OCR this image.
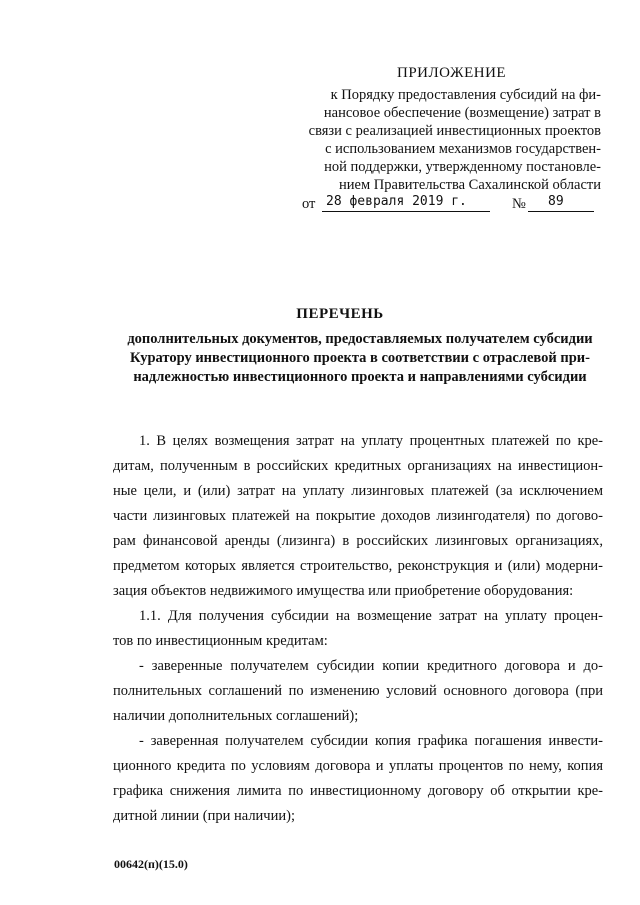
ПРИЛОЖЕНИЕ
к Порядку предоставления субсидий на фи-
нансовое обеспечение (возмещение) затрат в
связи с реализацией инвестиционных проектов
с использованием механизмов государствен-
ной поддержки, утвержденному постановле-
нием Правительства Сахалинской области
от 28 февраля 2019 г.	№ 89
ПЕРЕЧЕНЬ
дополнительных документов, предоставляемых получателем субсидии
Куратору инвестиционного проекта в соответствии с отраслевой при-
надлежностью инвестиционного проекта и направлениями субсидии
1. В целях возмещения затрат на уплату процентных платежей по кре-
дитам, полученным в российских кредитных организациях на инвестицион-
ные цели, и (или) затрат на уплату лизинговых платежей (за исключением
части лизинговых платежей на покрытие доходов лизингодателя) по догово-
рам финансовой аренды (лизинга) в российских лизинговых организациях,
предметом которых является строительство, реконструкция и (или) модерни-
зация объектов недвижимого имущества или приобретение оборудования:
1.1. Для получения субсидии на возмещение затрат на уплату процен-
тов по инвестиционным кредитам:
- заверенные получателем субсидии копии кредитного договора и до-
полнительных соглашений по изменению условий основного договора (при
наличии дополнительных соглашений);
- заверенная получателем субсидии копия графика погашения инвести-
ционного кредита по условиям договора и уплаты процентов по нему, копия
графика снижения лимита по инвестиционному договору об открытии кре-
дитной линии (при наличии);
00642(п)(15.0)
